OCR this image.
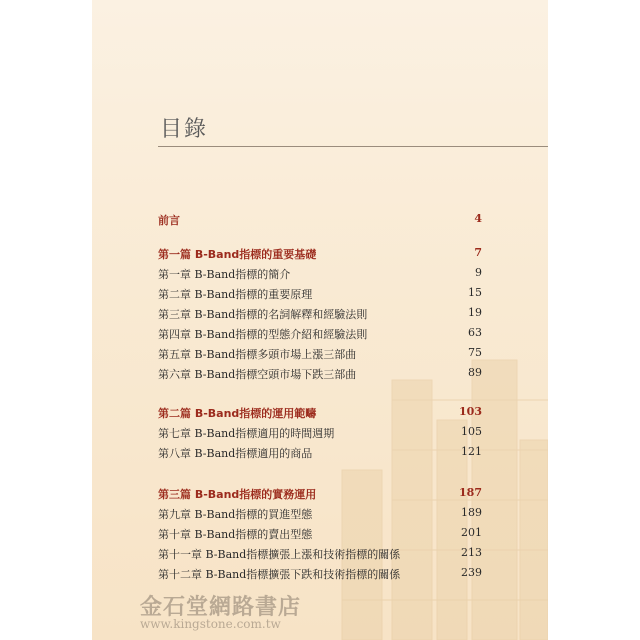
目錄
前言	4
第一篇 B-Band指標的重要基礎	7
第一章 B-Band指標的簡介	9
第二章 B-Band指標的重要原理	15
第三章 B-Band指標的名詞解釋和經驗法則	19
第四章 B-Band指標的型態介紹和經驗法則	63
第五章 B-Band指標多頭市場上漲三部曲	75
第六章 B-Band指標空頭市場下跌三部曲	89
第二篇 B-Band指標的運用範疇	103
第七章 B-Band指標適用的時間週期	105
第八章 B-Band指標適用的商品	121
第三篇 B-Band指標的實務運用	187
第九章 B-Band指標的買進型態	189
第十章 B-Band指標的賣出型態	201
第十一章 B-Band指標擴張上漲和技術指標的關係	213
第十二章 B-Band指標擴張下跌和技術指標的關係	239
金石堂網路書店
www.kingstone.com.tw
